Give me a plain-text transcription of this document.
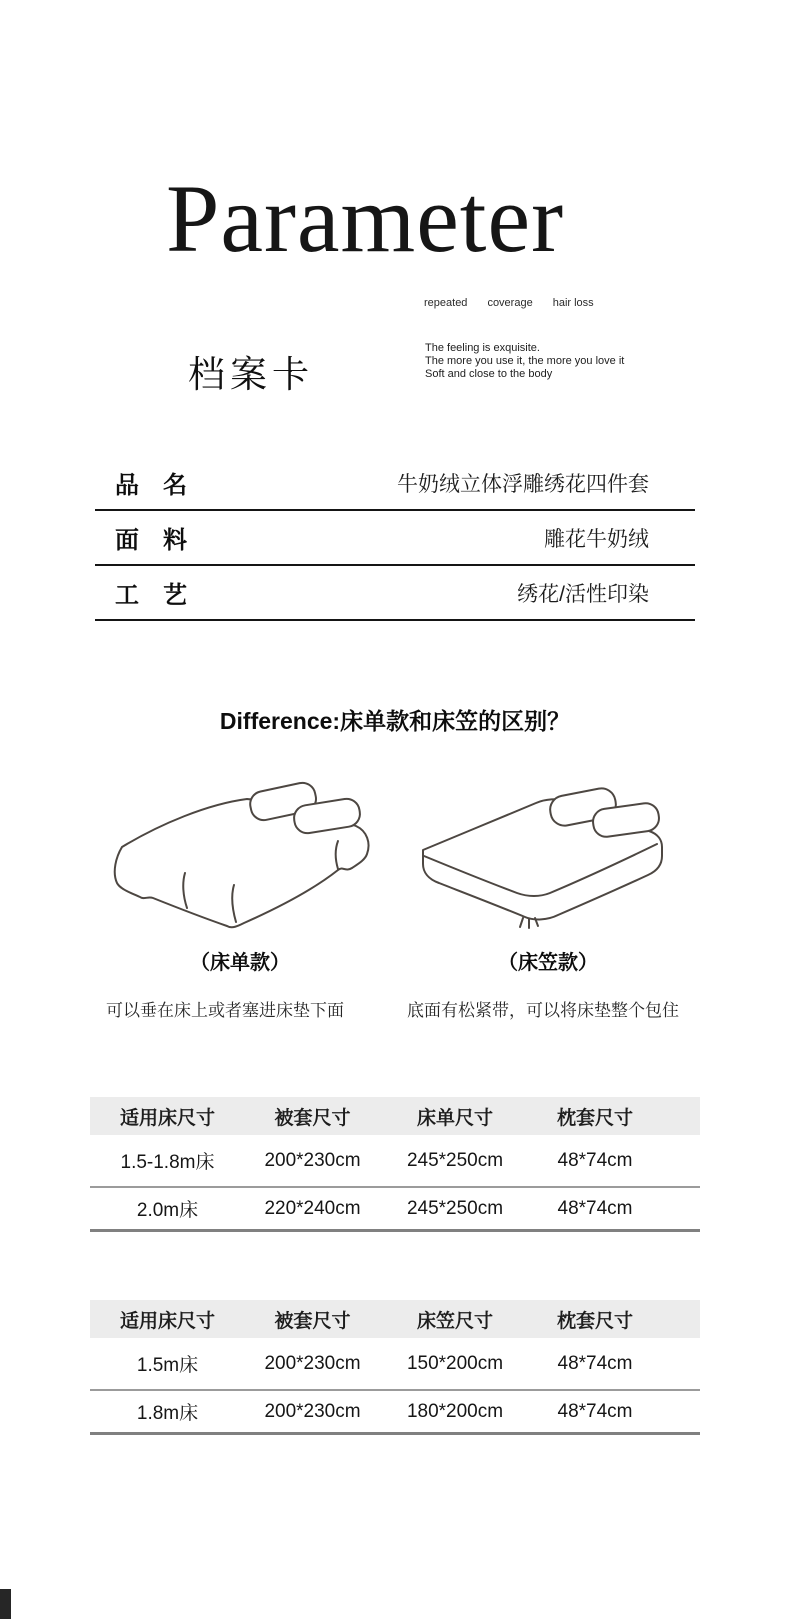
Parameter
repeated coverage hair loss
档案卡
The feeling is exquisite.
The more you use it, the more you love it
Soft and close to the body
品　名	牛奶绒立体浮雕绣花四件套
面　料	雕花牛奶绒
工　艺	绣花/活性印染
Difference:床单款和床笠的区别？
（床单款）	（床笠款）
可以垂在床上或者塞进床垫下面	底面有松紧带，可以将床垫整个包住
适用床尺寸	被套尺寸	床单尺寸	枕套尺寸
1.5-1.8m床	200*230cm	245*250cm	48*74cm
2.0m床	220*240cm	245*250cm	48*74cm
适用床尺寸	被套尺寸	床笠尺寸	枕套尺寸
1.5m床	200*230cm	150*200cm	48*74cm
1.8m床	200*230cm	180*200cm	48*74cm
